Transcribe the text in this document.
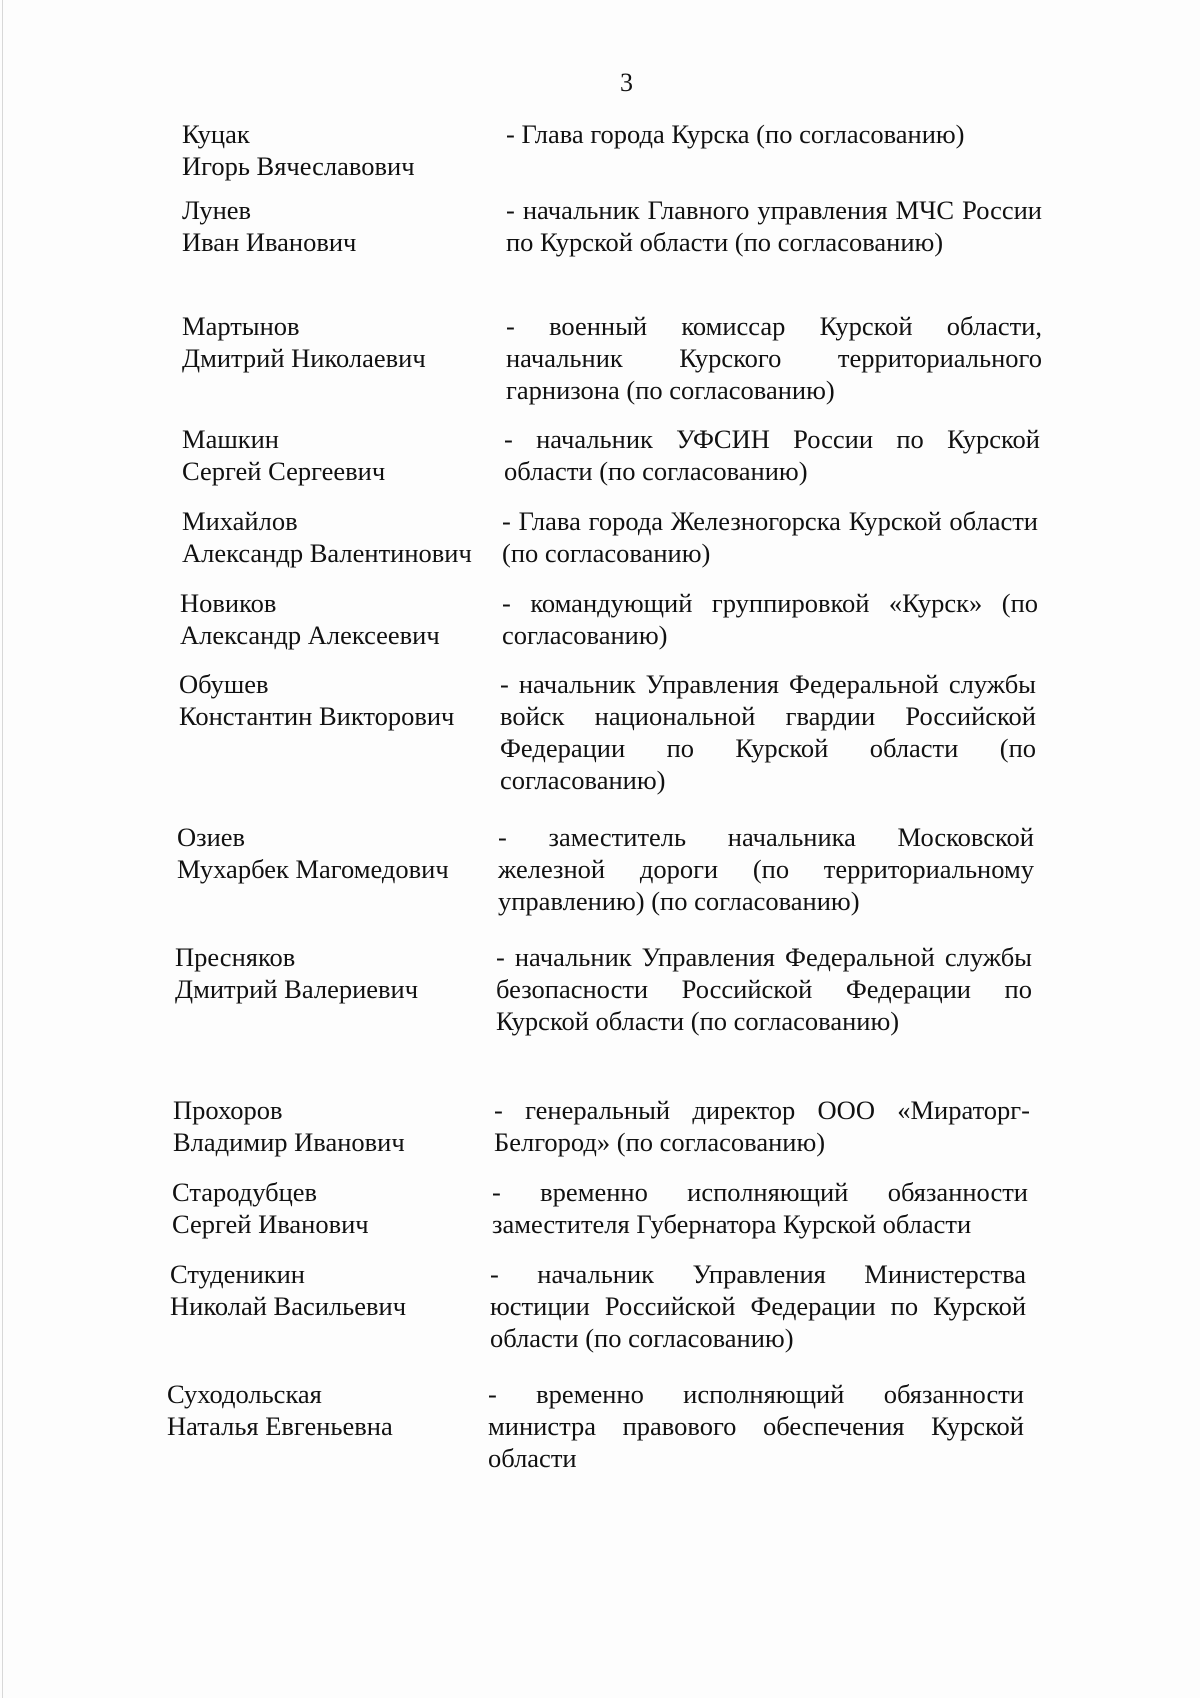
3
Куцак
Игорь Вячеславович
- Глава города Курска (по согласованию)
Лунев
Иван Иванович
- начальник Главного управления МЧС России по Курской области (по согласованию)
Мартынов
Дмитрий Николаевич
- военный комиссар Курской области, начальник Курского территориального гарнизона (по согласованию)
Машкин
Сергей Сергеевич
- начальник УФСИН России по Курской области (по согласованию)
Михайлов
Александр Валентинович
- Глава города Железногорска Курской области (по согласованию)
Новиков
Александр Алексеевич
- командующий группировкой «Курск» (по согласованию)
Обушев
Константин Викторович
- начальник Управления Федеральной службы войск национальной гвардии Российской Федерации по Курской области (по согласованию)
Озиев
Мухарбек Магомедович
- заместитель начальника Московской железной дороги (по территориальному управлению) (по согласованию)
Пресняков
Дмитрий Валериевич
- начальник Управления Федеральной службы безопасности Российской Федерации по Курской области (по согласованию)
Прохоров
Владимир Иванович
- генеральный директор ООО «Мираторг-Белгород» (по согласованию)
Стародубцев
Сергей Иванович
- временно исполняющий обязанности заместителя Губернатора Курской области
Студеникин
Николай Васильевич
- начальник Управления Министерства юстиции Российской Федерации по Курской области (по согласованию)
Суходольская
Наталья Евгеньевна
- временно исполняющий обязанности министра правового обеспечения Курской области
